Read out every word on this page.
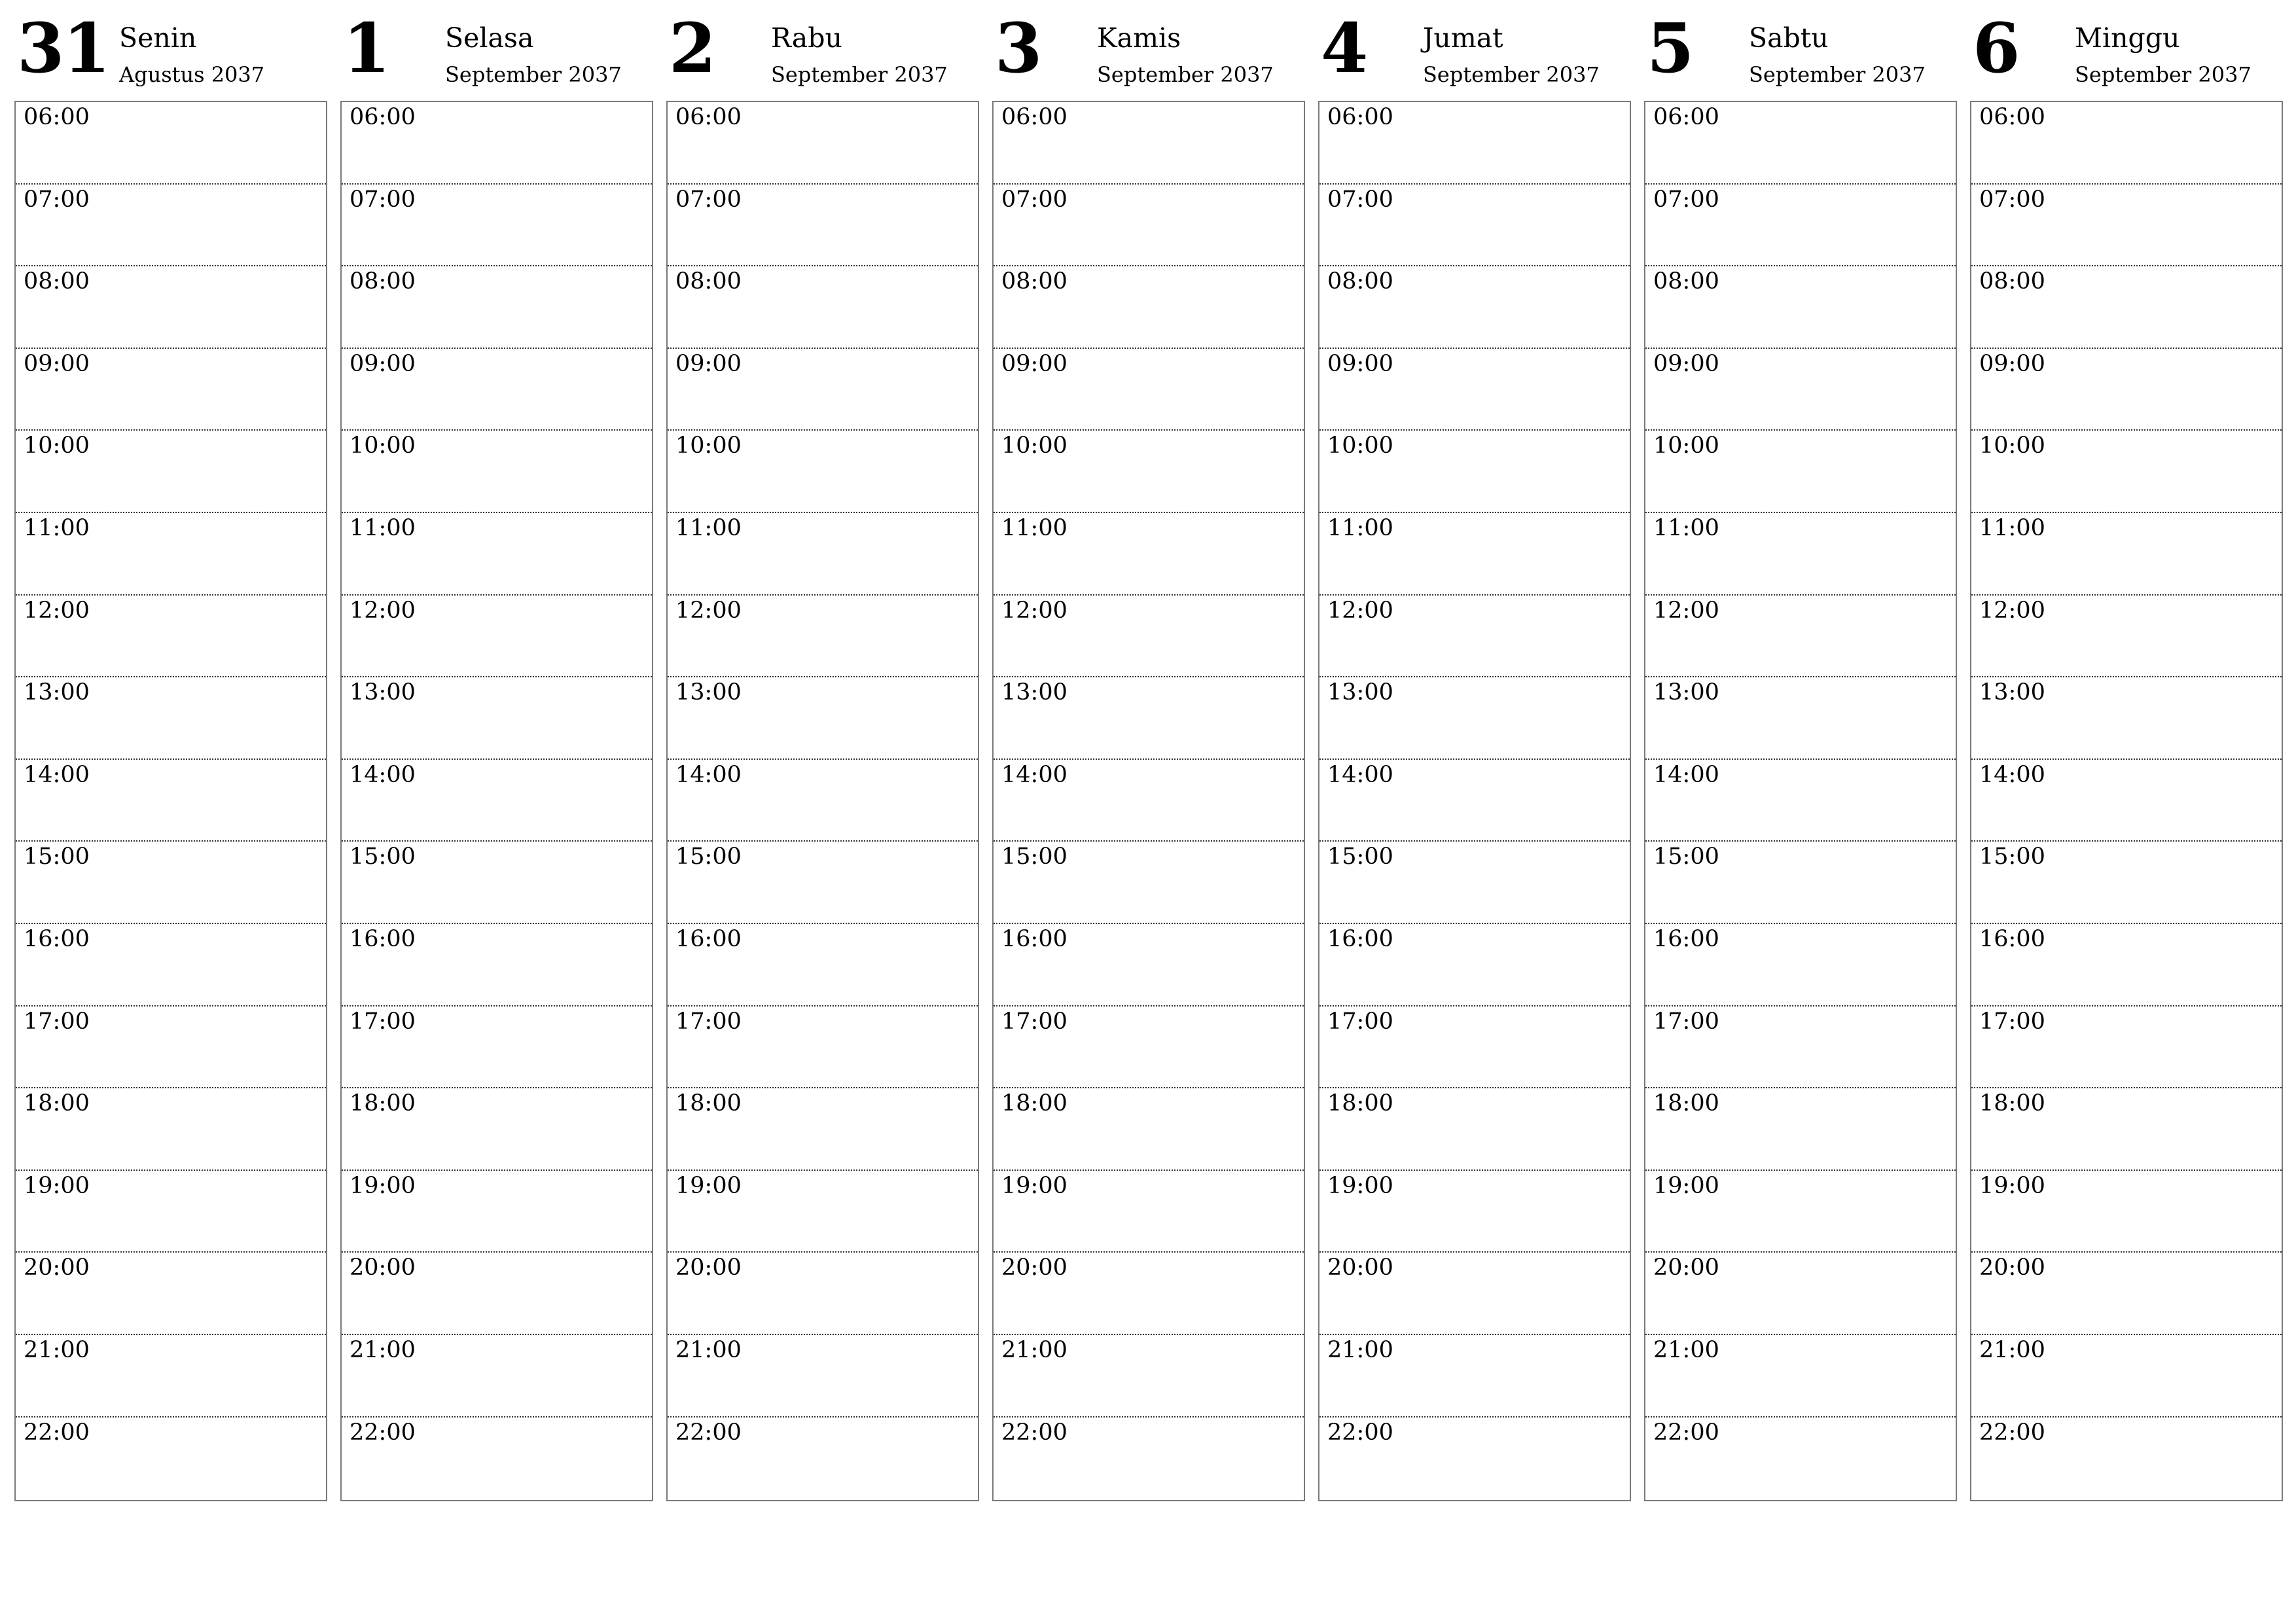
31 Senin
Agustus 2037
06:00
07:00
08:00
09:00
10:00
11:00
12:00
13:00
14:00
15:00
16:00
17:00
18:00
19:00
20:00
21:00
22:00
1 Selasa
September 2037
06:00
07:00
08:00
09:00
10:00
11:00
12:00
13:00
14:00
15:00
16:00
17:00
18:00
19:00
20:00
21:00
22:00
2 Rabu
September 2037
06:00
07:00
08:00
09:00
10:00
11:00
12:00
13:00
14:00
15:00
16:00
17:00
18:00
19:00
20:00
21:00
22:00
3 Kamis
September 2037
06:00
07:00
08:00
09:00
10:00
11:00
12:00
13:00
14:00
15:00
16:00
17:00
18:00
19:00
20:00
21:00
22:00
4 Jumat
September 2037
06:00
07:00
08:00
09:00
10:00
11:00
12:00
13:00
14:00
15:00
16:00
17:00
18:00
19:00
20:00
21:00
22:00
5 Sabtu
September 2037
06:00
07:00
08:00
09:00
10:00
11:00
12:00
13:00
14:00
15:00
16:00
17:00
18:00
19:00
20:00
21:00
22:00
6 Minggu
September 2037
06:00
07:00
08:00
09:00
10:00
11:00
12:00
13:00
14:00
15:00
16:00
17:00
18:00
19:00
20:00
21:00
22:00
